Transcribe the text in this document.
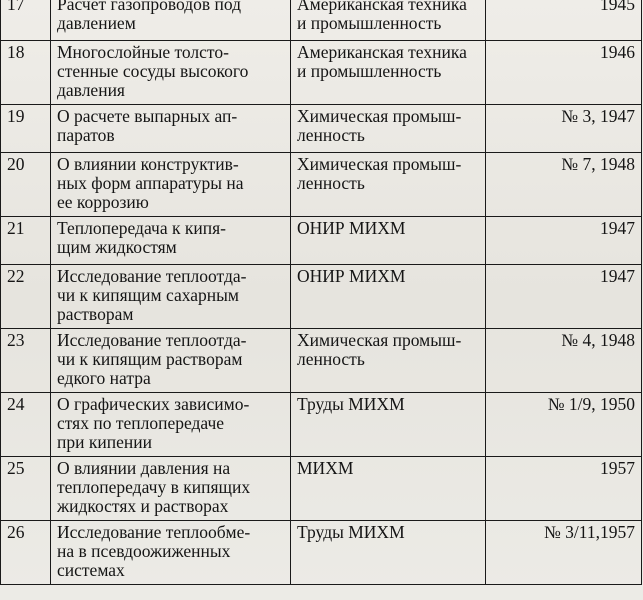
17	Расчет газопроводов под
давлением	Американская техника
и промышленность	1945
18	Многослойные толсто-
стенные сосуды высокого
давления	Американская техника
и промышленность	1946
19	О расчете выпарных ап-
паратов	Химическая промыш-
ленность	№ 3, 1947
20	О влиянии конструктив-
ных форм аппаратуры на
ее коррозию	Химическая промыш-
ленность	№ 7, 1948
21	Теплопередача к кипя-
щим жидкостям	ОНИР МИХМ	1947
22	Исследование теплоотда-
чи к кипящим сахарным
растворам	ОНИР МИХМ	1947
23	Исследование теплоотда-
чи к кипящим растворам
едкого натра	Химическая промыш-
ленность	№ 4, 1948
24	О графических зависимо-
стях по теплопередаче
при кипении	Труды МИХМ	№ 1/9, 1950
25	О влиянии давления на
теплопередачу в кипящих
жидкостях и растворах	МИХМ	1957
26	Исследование теплообме-
на в псевдоожиженных
системах	Труды МИХМ	№ 3/11,1957
